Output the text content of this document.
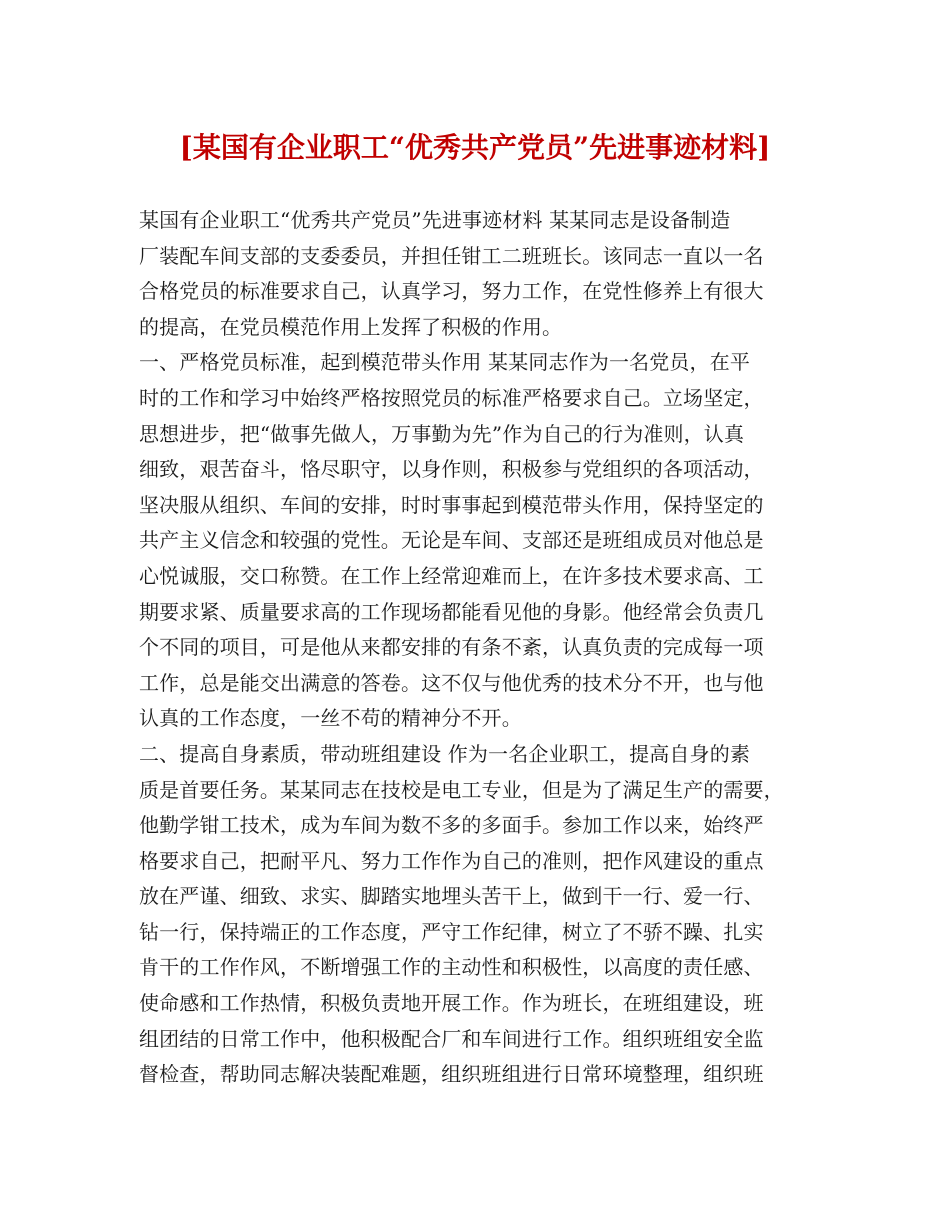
[某国有企业职工“优秀共产党员”先进事迹材料]
某国有企业职工“优秀共产党员”先进事迹材料 某某同志是设备制造
厂装配车间支部的支委委员，并担任钳工二班班长。该同志一直以一名
合格党员的标准要求自己，认真学习，努力工作，在党性修养上有很大
的提高，在党员模范作用上发挥了积极的作用。
一、严格党员标准，起到模范带头作用 某某同志作为一名党员，在平
时的工作和学习中始终严格按照党员的标准严格要求自己。立场坚定，
思想进步，把“做事先做人，万事勤为先”作为自己的行为准则，认真
细致，艰苦奋斗，恪尽职守，以身作则，积极参与党组织的各项活动，
坚决服从组织、车间的安排，时时事事起到模范带头作用，保持坚定的
共产主义信念和较强的党性。无论是车间、支部还是班组成员对他总是
心悦诚服，交口称赞。在工作上经常迎难而上，在许多技术要求高、工
期要求紧、质量要求高的工作现场都能看见他的身影。他经常会负责几
个不同的项目，可是他从来都安排的有条不紊，认真负责的完成每一项
工作，总是能交出满意的答卷。这不仅与他优秀的技术分不开，也与他
认真的工作态度，一丝不苟的精神分不开。
二、提高自身素质，带动班组建设 作为一名企业职工，提高自身的素
质是首要任务。某某同志在技校是电工专业，但是为了满足生产的需要，
他勤学钳工技术，成为车间为数不多的多面手。参加工作以来，始终严
格要求自己，把耐平凡、努力工作作为自己的准则，把作风建设的重点
放在严谨、细致、求实、脚踏实地埋头苦干上，做到干一行、爱一行、
钻一行，保持端正的工作态度，严守工作纪律，树立了不骄不躁、扎实
肯干的工作作风，不断增强工作的主动性和积极性，以高度的责任感、
使命感和工作热情，积极负责地开展工作。作为班长，在班组建设，班
组团结的日常工作中，他积极配合厂和车间进行工作。组织班组安全监
督检查，帮助同志解决装配难题，组织班组进行日常环境整理，组织班
